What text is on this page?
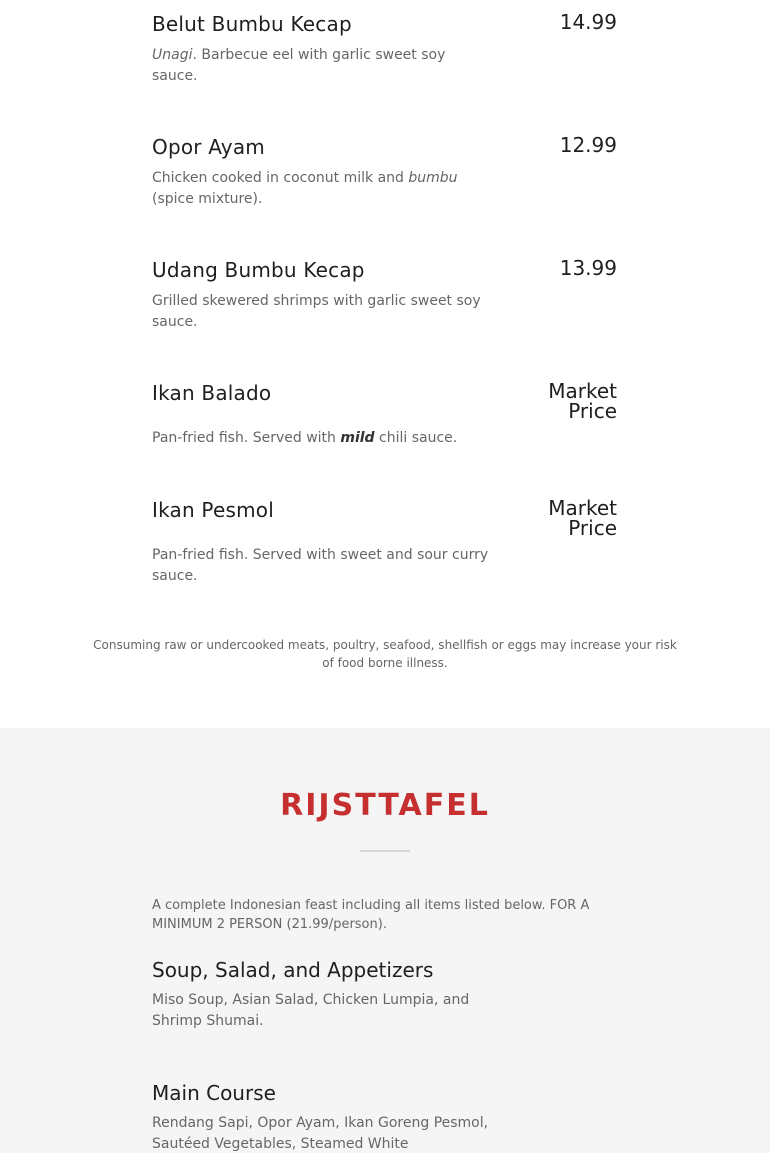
Belut Bumbu Kecap	14.99
Unagi. Barbecue eel with garlic sweet soy sauce.
Opor Ayam	12.99
Chicken cooked in coconut milk and bumbu (spice mixture).
Udang Bumbu Kecap	13.99
Grilled skewered shrimps with garlic sweet soy sauce.
Ikan Balado	Market
Price
Pan-fried fish. Served with mild chili sauce.
Ikan Pesmol	Market
Price
Pan-fried fish. Served with sweet and sour curry sauce.
Consuming raw or undercooked meats, poultry, seafood, shellfish or eggs may increase your risk of food borne illness.
RIJSTTAFEL
A complete Indonesian feast including all items listed below. FOR A MINIMUM 2 PERSON (21.99/person).
Soup, Salad, and Appetizers
Miso Soup, Asian Salad, Chicken Lumpia, and Shrimp Shumai.
Main Course
Rendang Sapi, Opor Ayam, Ikan Goreng Pesmol, Sautéed Vegetables, Steamed White
